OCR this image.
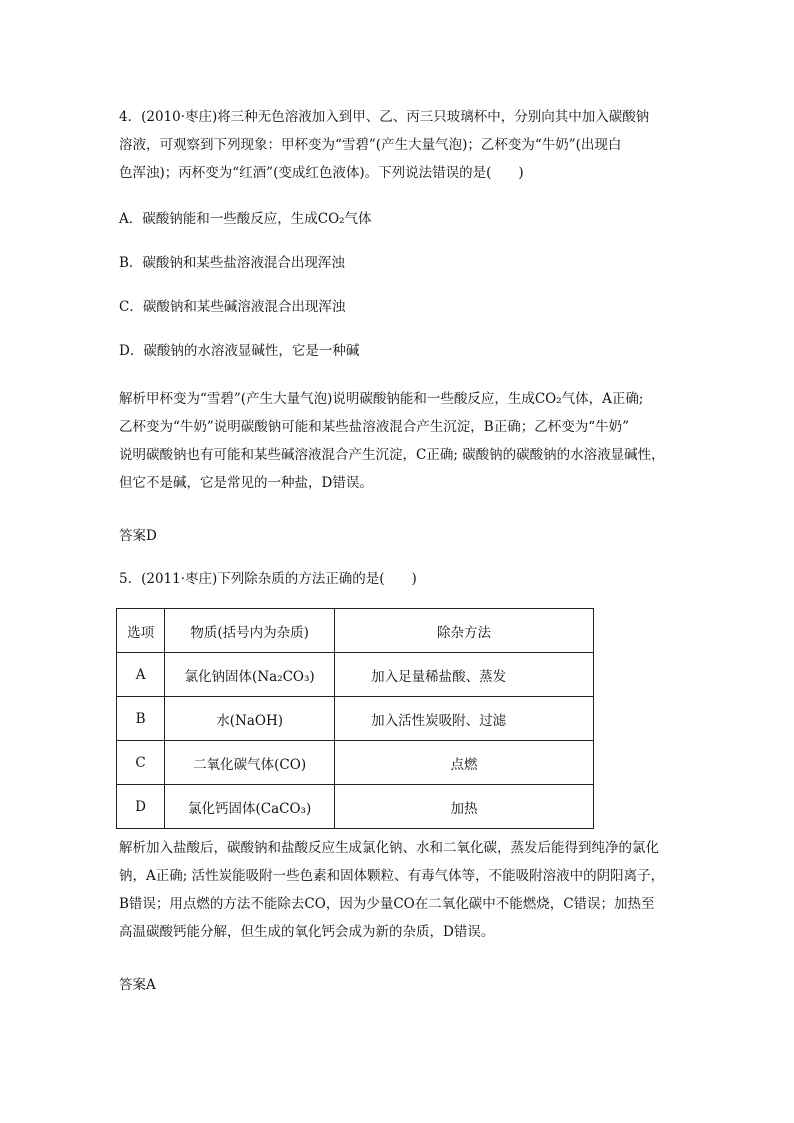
4．(2010·枣庄)将三种无色溶液加入到甲、乙、丙三只玻璃杯中，分别向其中加入碳酸钠
溶液，可观察到下列现象：甲杯变为“雪碧”(产生大量气泡)；乙杯变为“牛奶”(出现白
色浑浊)；丙杯变为“红酒”(变成红色液体)。下列说法错误的是(　　)
A．碳酸钠能和一些酸反应，生成CO₂气体
B．碳酸钠和某些盐溶液混合出现浑浊
C．碳酸钠和某些碱溶液混合出现浑浊
D．碳酸钠的水溶液显碱性，它是一种碱
解析甲杯变为“雪碧”(产生大量气泡)说明碳酸钠能和一些酸反应，生成CO₂气体，A正确;
乙杯变为“牛奶”说明碳酸钠可能和某些盐溶液混合产生沉淀，B正确；乙杯变为“牛奶”
说明碳酸钠也有可能和某些碱溶液混合产生沉淀，C正确; 碳酸钠的碳酸钠的水溶液显碱性，
但它不是碱，它是常见的一种盐，D错误。
答案D
5．(2011·枣庄)下列除杂质的方法正确的是(　　)
选项	物质(括号内为杂质)	除杂方法
A	氯化钠固体(Na₂CO₃)	加入足量稀盐酸、蒸发
B	水(NaOH)	加入活性炭吸附、过滤
C	二氧化碳气体(CO)	点燃
D	氯化钙固体(CaCO₃)	加热
解析加入盐酸后，碳酸钠和盐酸反应生成氯化钠、水和二氧化碳，蒸发后能得到纯净的氯化
钠，A正确; 活性炭能吸附一些色素和固体颗粒、有毒气体等，不能吸附溶液中的阴阳离子，
B错误；用点燃的方法不能除去CO，因为少量CO在二氧化碳中不能燃烧，C错误；加热至
高温碳酸钙能分解，但生成的氧化钙会成为新的杂质，D错误。
答案A
